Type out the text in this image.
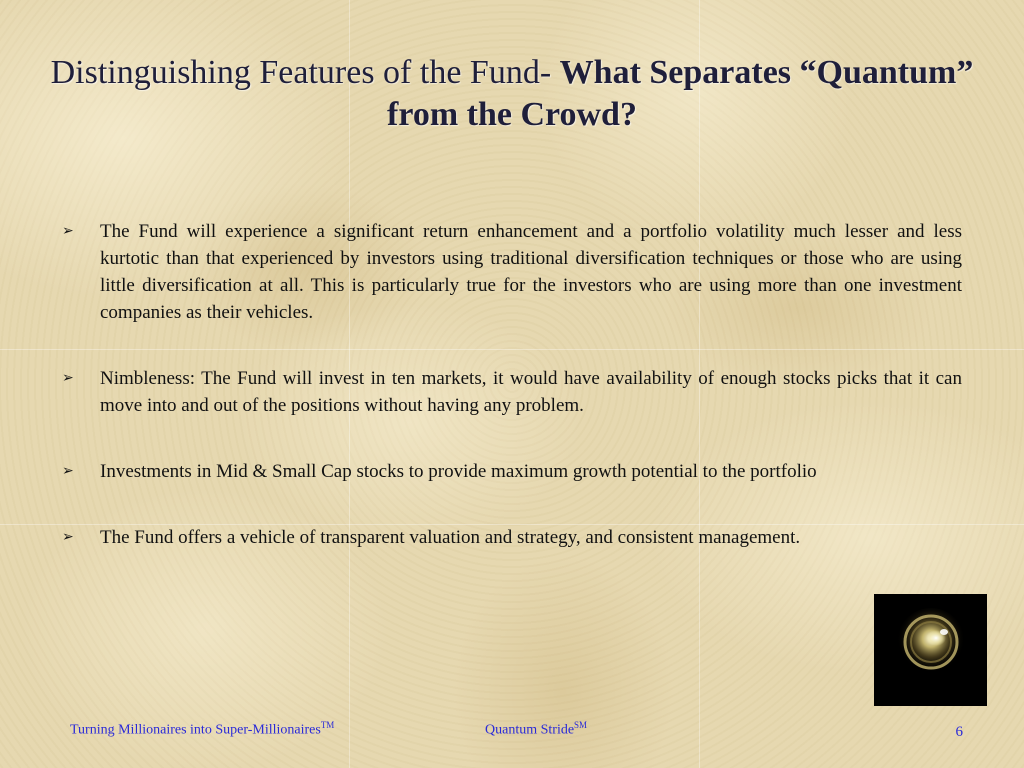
Distinguishing Features of the Fund- What Separates “Quantum” from the Crowd?
➢ The Fund will experience a significant return enhancement and a portfolio volatility much lesser and less kurtotic than that experienced by investors using traditional diversification techniques or those who are using little diversification at all. This is particularly true for the investors who are using more than one investment companies as their vehicles.
➢ Nimbleness: The Fund will invest in ten markets, it would have availability of enough stocks picks that it can move into and out of the positions without having any problem.
➢ Investments in Mid & Small Cap stocks to provide maximum growth potential to the portfolio
➢ The Fund offers a vehicle of transparent valuation and strategy, and consistent management.
Turning Millionaires into Super-Millionaires™	Quantum Stride℠	6
